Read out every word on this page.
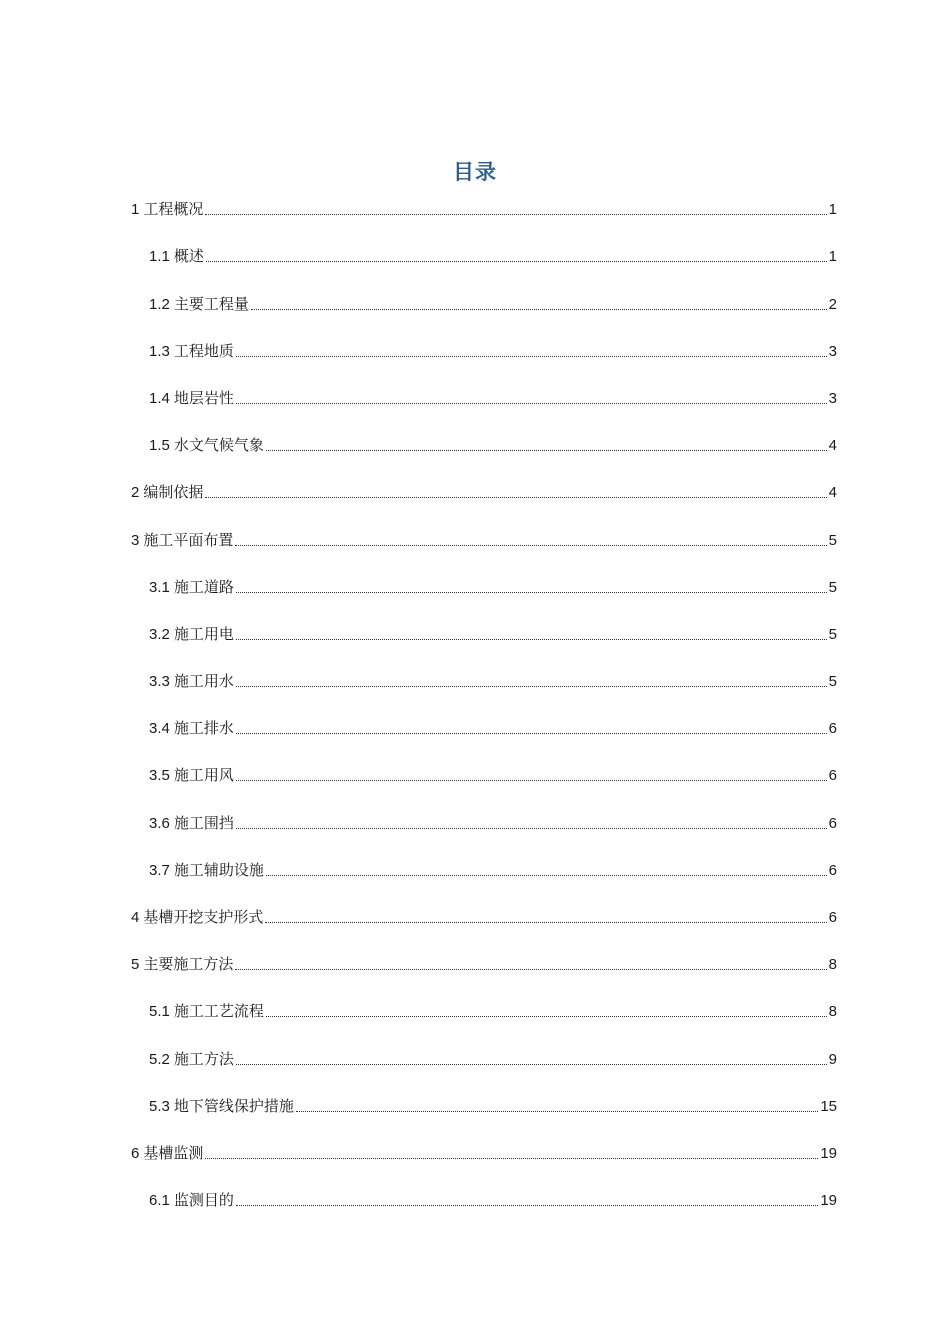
目录
1 工程概况	1
1.1 概述	1
1.2 主要工程量	2
1.3 工程地质	3
1.4 地层岩性	3
1.5 水文气候气象	4
2 编制依据	4
3 施工平面布置	5
3.1 施工道路	5
3.2 施工用电	5
3.3 施工用水	5
3.4 施工排水	6
3.5 施工用风	6
3.6 施工围挡	6
3.7 施工辅助设施	6
4 基槽开挖支护形式	6
5 主要施工方法	8
5.1 施工工艺流程	8
5.2 施工方法	9
5.3 地下管线保护措施	15
6 基槽监测	19
6.1 监测目的	19
